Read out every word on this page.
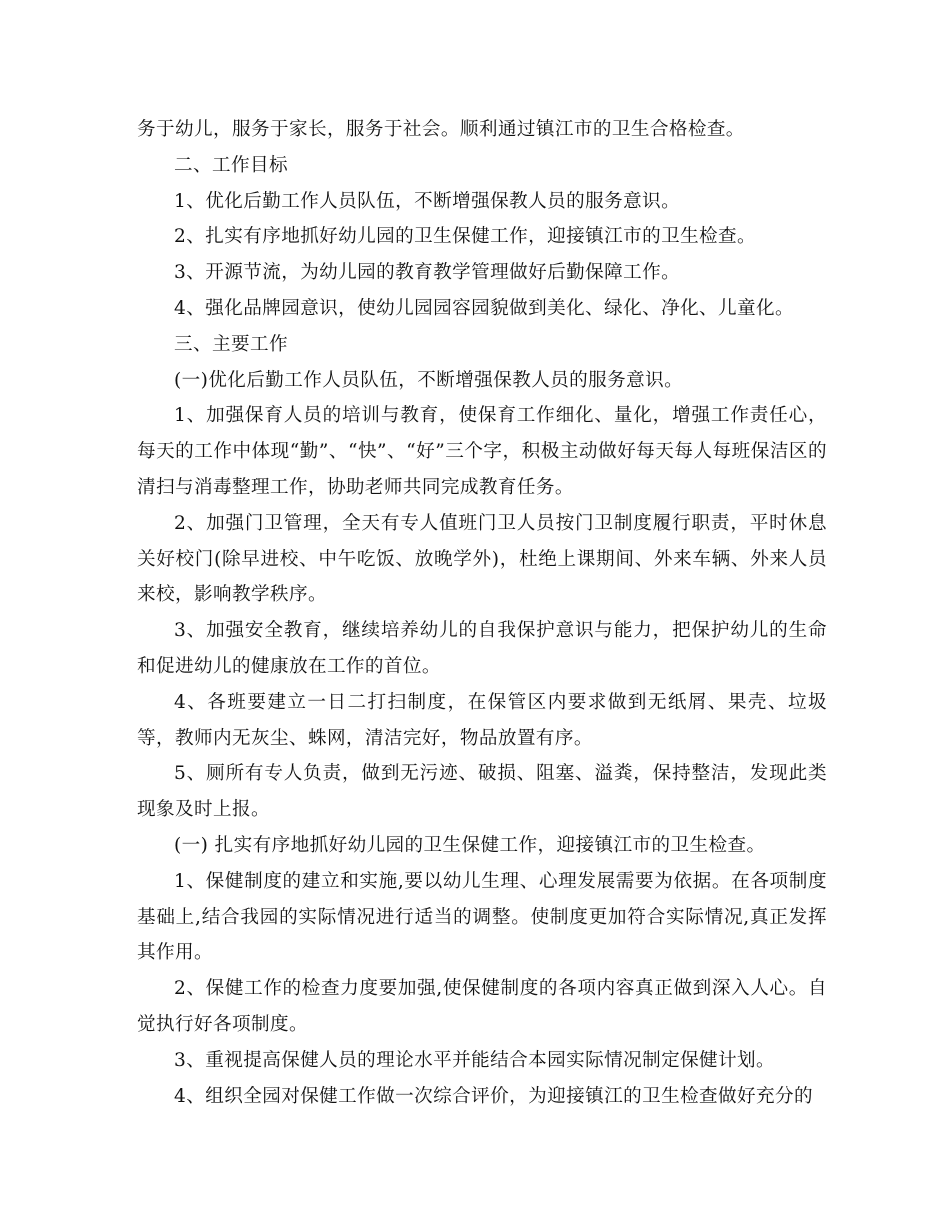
务于幼儿，服务于家长，服务于社会。顺利通过镇江市的卫生合格检查。

二、工作目标

1、优化后勤工作人员队伍，不断增强保教人员的服务意识。

2、扎实有序地抓好幼儿园的卫生保健工作，迎接镇江市的卫生检查。

3、开源节流，为幼儿园的教育教学管理做好后勤保障工作。

4、强化品牌园意识，使幼儿园园容园貌做到美化、绿化、净化、儿童化。

三、主要工作

(一)优化后勤工作人员队伍，不断增强保教人员的服务意识。

1、加强保育人员的培训与教育，使保育工作细化、量化，增强工作责任心，每天的工作中体现“勤”、“快”、“好”三个字，积极主动做好每天每人每班保洁区的清扫与消毒整理工作，协助老师共同完成教育任务。

2、加强门卫管理，全天有专人值班门卫人员按门卫制度履行职责，平时休息关好校门(除早进校、中午吃饭、放晚学外)，杜绝上课期间、外来车辆、外来人员来校，影响教学秩序。

3、加强安全教育，继续培养幼儿的自我保护意识与能力，把保护幼儿的生命和促进幼儿的健康放在工作的首位。

4、各班要建立一日二打扫制度，在保管区内要求做到无纸屑、果壳、垃圾等，教师内无灰尘、蛛网，清洁完好，物品放置有序。

5、厕所有专人负责，做到无污迹、破损、阻塞、溢粪，保持整洁，发现此类现象及时上报。

(一) 扎实有序地抓好幼儿园的卫生保健工作，迎接镇江市的卫生检查。

1、保健制度的建立和实施,要以幼儿生理、心理发展需要为依据。在各项制度基础上,结合我园的实际情况进行适当的调整。使制度更加符合实际情况,真正发挥其作用。

2、保健工作的检查力度要加强,使保健制度的各项内容真正做到深入人心。自觉执行好各项制度。

3、重视提高保健人员的理论水平并能结合本园实际情况制定保健计划。

4、组织全园对保健工作做一次综合评价，为迎接镇江的卫生检查做好充分的
